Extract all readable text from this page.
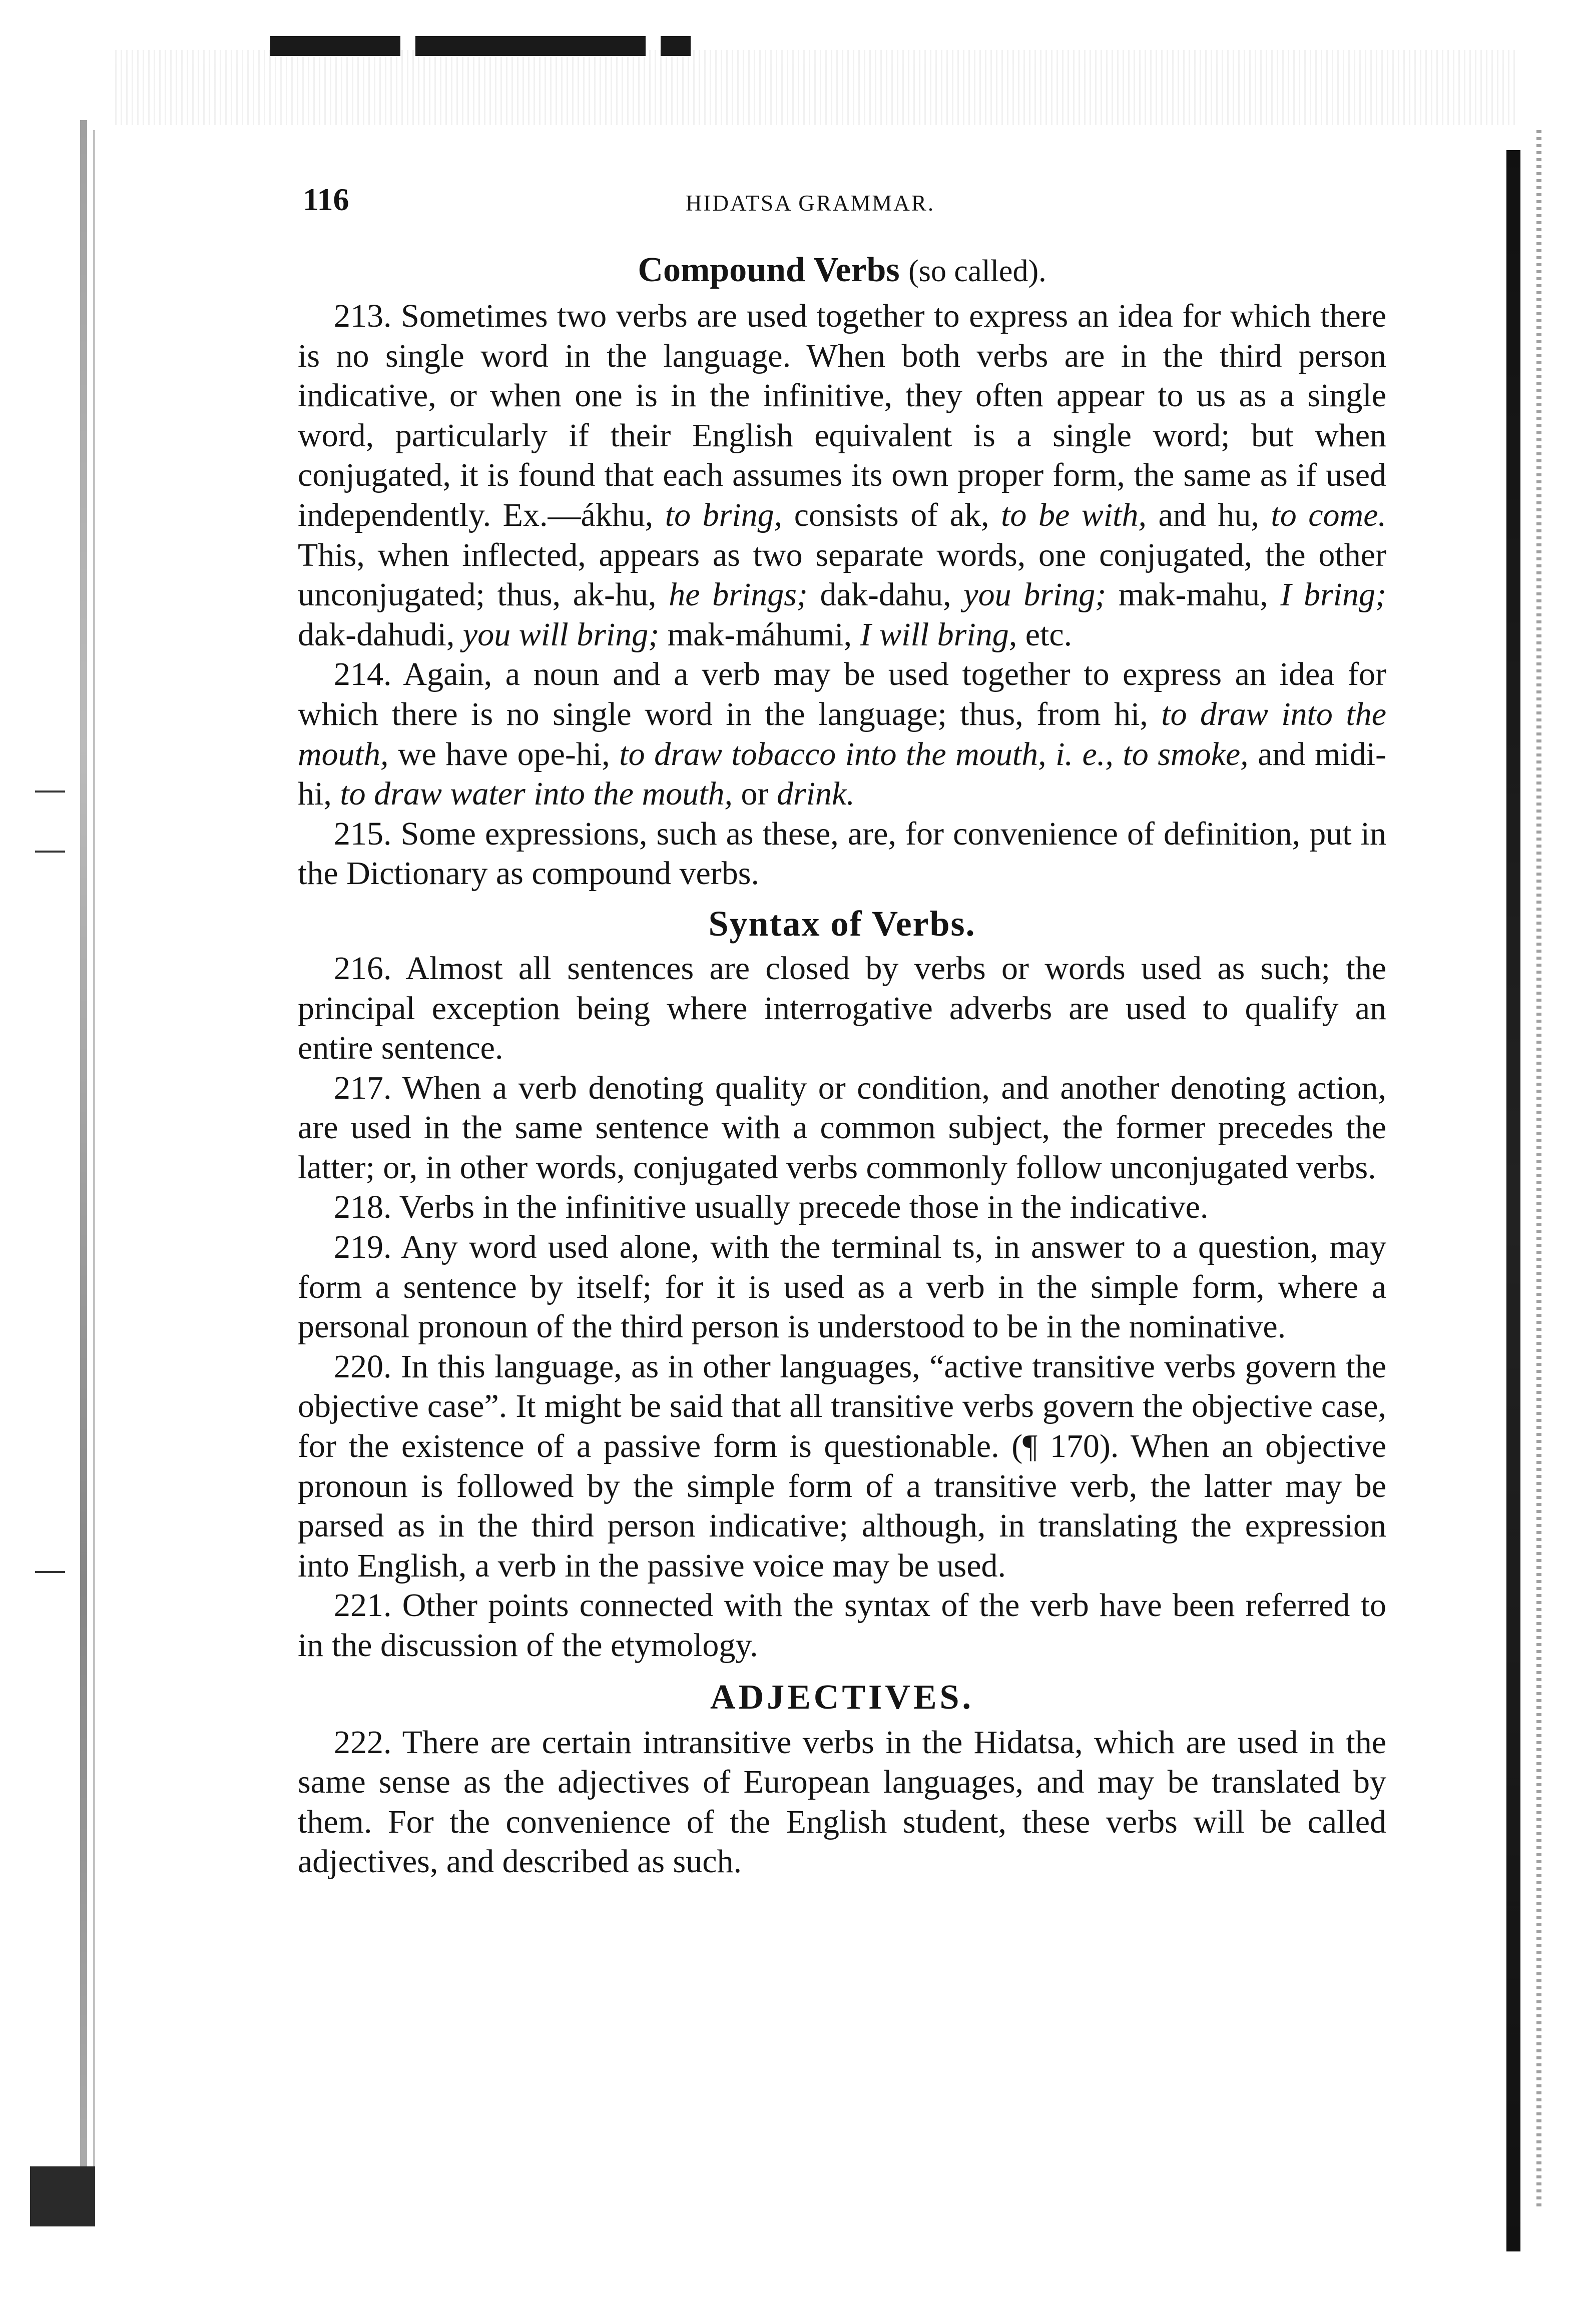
116	HIDATSA GRAMMAR.
Compound Verbs (so called).

213. Sometimes two verbs are used together to express an idea for which there is no single word in the language. When both verbs are in the third person indicative, or when one is in the infinitive, they often appear to us as a single word, particularly if their English equivalent is a single word; but when conjugated, it is found that each assumes its own proper form, the same as if used independently. Ex.—ákhu, to bring, consists of ak, to be with, and hu, to come. This, when inflected, appears as two separate words, one conjugated, the other unconjugated; thus, ak-hu, he brings; dak-dahu, you bring; mak-mahu, I bring; dak-dahudi, you will bring; mak-máhumi, I will bring, etc.

214. Again, a noun and a verb may be used together to express an idea for which there is no single word in the language; thus, from hi, to draw into the mouth, we have ope-hi, to draw tobacco into the mouth, i. e., to smoke, and midi-hi, to draw water into the mouth, or drink.

215. Some expressions, such as these, are, for convenience of definition, put in the Dictionary as compound verbs.

Syntax of Verbs.

216. Almost all sentences are closed by verbs or words used as such; the principal exception being where interrogative adverbs are used to qualify an entire sentence.

217. When a verb denoting quality or condition, and another denoting action, are used in the same sentence with a common subject, the former precedes the latter; or, in other words, conjugated verbs commonly follow unconjugated verbs.

218. Verbs in the infinitive usually precede those in the indicative.

219. Any word used alone, with the terminal ts, in answer to a question, may form a sentence by itself; for it is used as a verb in the simple form, where a personal pronoun of the third person is understood to be in the nominative.

220. In this language, as in other languages, “active transitive verbs govern the objective case”. It might be said that all transitive verbs govern the objective case, for the existence of a passive form is questionable. (¶ 170). When an objective pronoun is followed by the simple form of a transitive verb, the latter may be parsed as in the third person indicative; although, in translating the expression into English, a verb in the passive voice may be used.

221. Other points connected with the syntax of the verb have been referred to in the discussion of the etymology.

ADJECTIVES.

222. There are certain intransitive verbs in the Hidatsa, which are used in the same sense as the adjectives of European languages, and may be translated by them. For the convenience of the English student, these verbs will be called adjectives, and described as such.
